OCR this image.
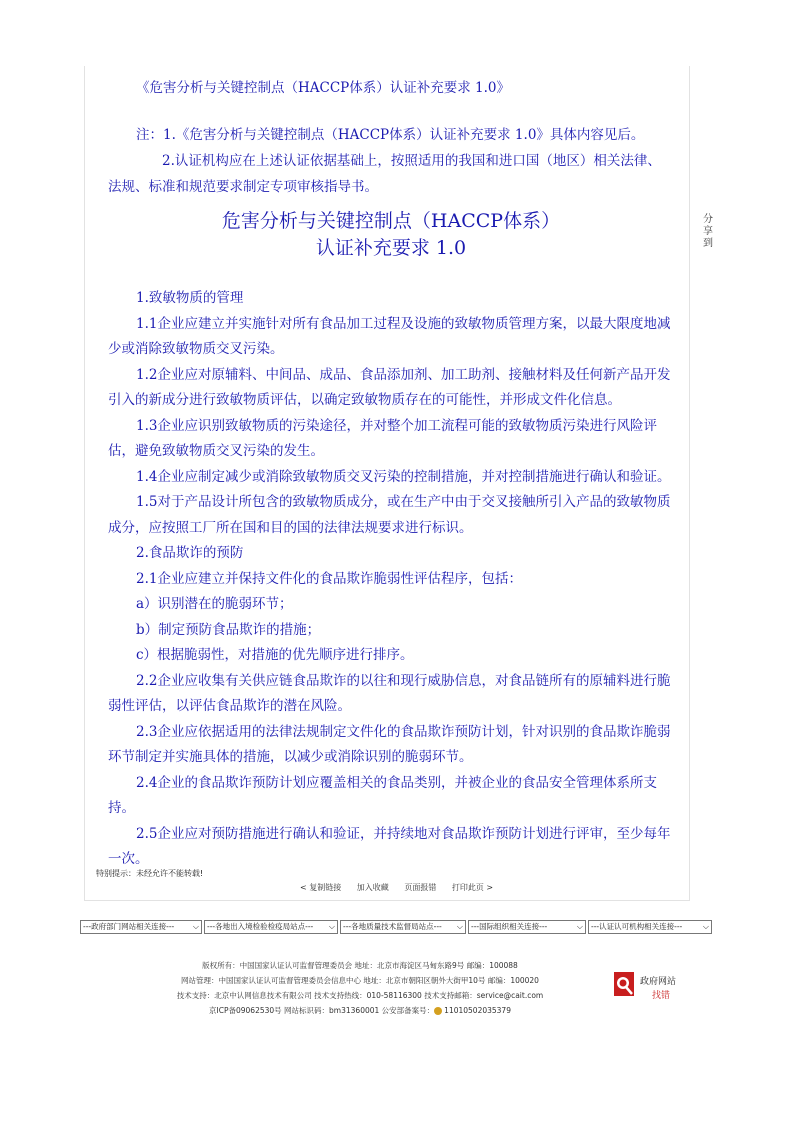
《危害分析与关键控制点（HACCP体系）认证补充要求 1.0》
注：1.《危害分析与关键控制点（HACCP体系）认证补充要求 1.0》具体内容见后。
2.认证机构应在上述认证依据基础上，按照适用的我国和进口国（地区）相关法律、法规、标准和规范要求制定专项审核指导书。
危害分析与关键控制点（HACCP体系）
认证补充要求 1.0

1.致敏物质的管理

1.1企业应建立并实施针对所有食品加工过程及设施的致敏物质管理方案，以最大限度地减少或消除致敏物质交叉污染。

1.2企业应对原辅料、中间品、成品、食品添加剂、加工助剂、接触材料及任何新产品开发引入的新成分进行致敏物质评估，以确定致敏物质存在的可能性，并形成文件化信息。

1.3企业应识别致敏物质的污染途径，并对整个加工流程可能的致敏物质污染进行风险评估，避免致敏物质交叉污染的发生。

1.4企业应制定减少或消除致敏物质交叉污染的控制措施，并对控制措施进行确认和验证。

1.5对于产品设计所包含的致敏物质成分，或在生产中由于交叉接触所引入产品的致敏物质成分，应按照工厂所在国和目的国的法律法规要求进行标识。

2.食品欺诈的预防

2.1企业应建立并保持文件化的食品欺诈脆弱性评估程序，包括：

a）识别潜在的脆弱环节；

b）制定预防食品欺诈的措施；

c）根据脆弱性，对措施的优先顺序进行排序。

2.2企业应收集有关供应链食品欺诈的以往和现行威胁信息，对食品链所有的原辅料进行脆弱性评估，以评估食品欺诈的潜在风险。

2.3企业应依据适用的法律法规制定文件化的食品欺诈预防计划，针对识别的食品欺诈脆弱环节制定并实施具体的措施，以减少或消除识别的脆弱环节。

2.4企业的食品欺诈预防计划应覆盖相关的食品类别，并被企业的食品安全管理体系所支持。

2.5企业应对预防措施进行确认和验证，并持续地对食品欺诈预防计划进行评审，至少每年一次。

分享到
特别提示：未经允许不能转载!
< 复制链接 加入收藏 页面报错 打印此页 >
---政府部门网站相关连接--- ⌵ ---各地出入境检验检疫局站点--- ⌵ ---各地质量技术监督局站点--- ⌵ ---国际组织相关连接---	⌵ ---认证认可机构相关连接---	⌵
版权所有：中国国家认证认可监督管理委员会 地址：北京市海淀区马甸东路9号 邮编：100088
网站管理：中国国家认证认可监督管理委员会信息中心 地址：北京市朝阳区朝外大街甲10号 邮编：100020
技术支持：北京中认网信息技术有限公司 技术支持热线：010-58116300 技术支持邮箱：service@cait.com
京ICP备09062530号 网站标识码：bm31360001 公安部备案号： 11010502035379
政府网站
找错
